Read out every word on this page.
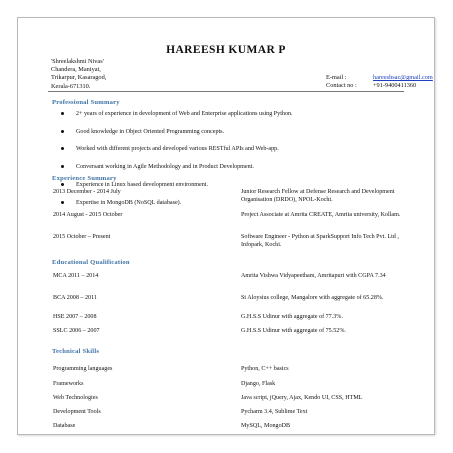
HAREESH KUMAR P
'Shreelakshmi Nivas'
Chandera, Maniyat,
Trikarpur, Kasaragod,
Kerala-671310.
E-mail :	hareeshsac@gmail.com
Contact no :	+91-9400411360
Professional Summary
2+ years of experience in development of Web and Enterprise applications using Python.
Good knowledge in Object Oriented Programming concepts.
Worked with different projects and developed various RESTful APIs and Web-app.
Conversant working in Agile Methodology and in Product Development.
Experience in Linux based development environment.
Expertise in MongoDB (NoSQL database).
Experience Summary
2013 December - 2014 July	Junior Research Fellow at Defense Research and Development Organisation (DRDO), NPOL-Kochi.
2014 August - 2015 October	Project Associate at Amrita CREATE, Amrita university, Kollam.
2015 October – Present	Software Engineer - Python at SparkSupport Info Tech Pvt. Ltd , Infopark, Kochi.
Educational Qualification
MCA 2011 – 2014	Amrita Vishwa Vidyapeetham, Amritapuri with CGPA 7.34
BCA 2008 – 2011	St Aloysius college, Mangalore with aggregate of 65.28%.
HSE 2007 – 2008	G.H.S.S Udinur with aggregate of 77.3%.
SSLC 2006 – 2007	G.H.S.S Udinur with aggregate of 75.52%.
Technical Skills
Programming languages	Python, C++ basics
Frameworks	Django, Flask
Web Technologies	Java script, jQuery, Ajax, Kendo UI, CSS, HTML
Development Tools	Pycharm 3.4, Sublime Text
Database	MySQL, MongoDB
